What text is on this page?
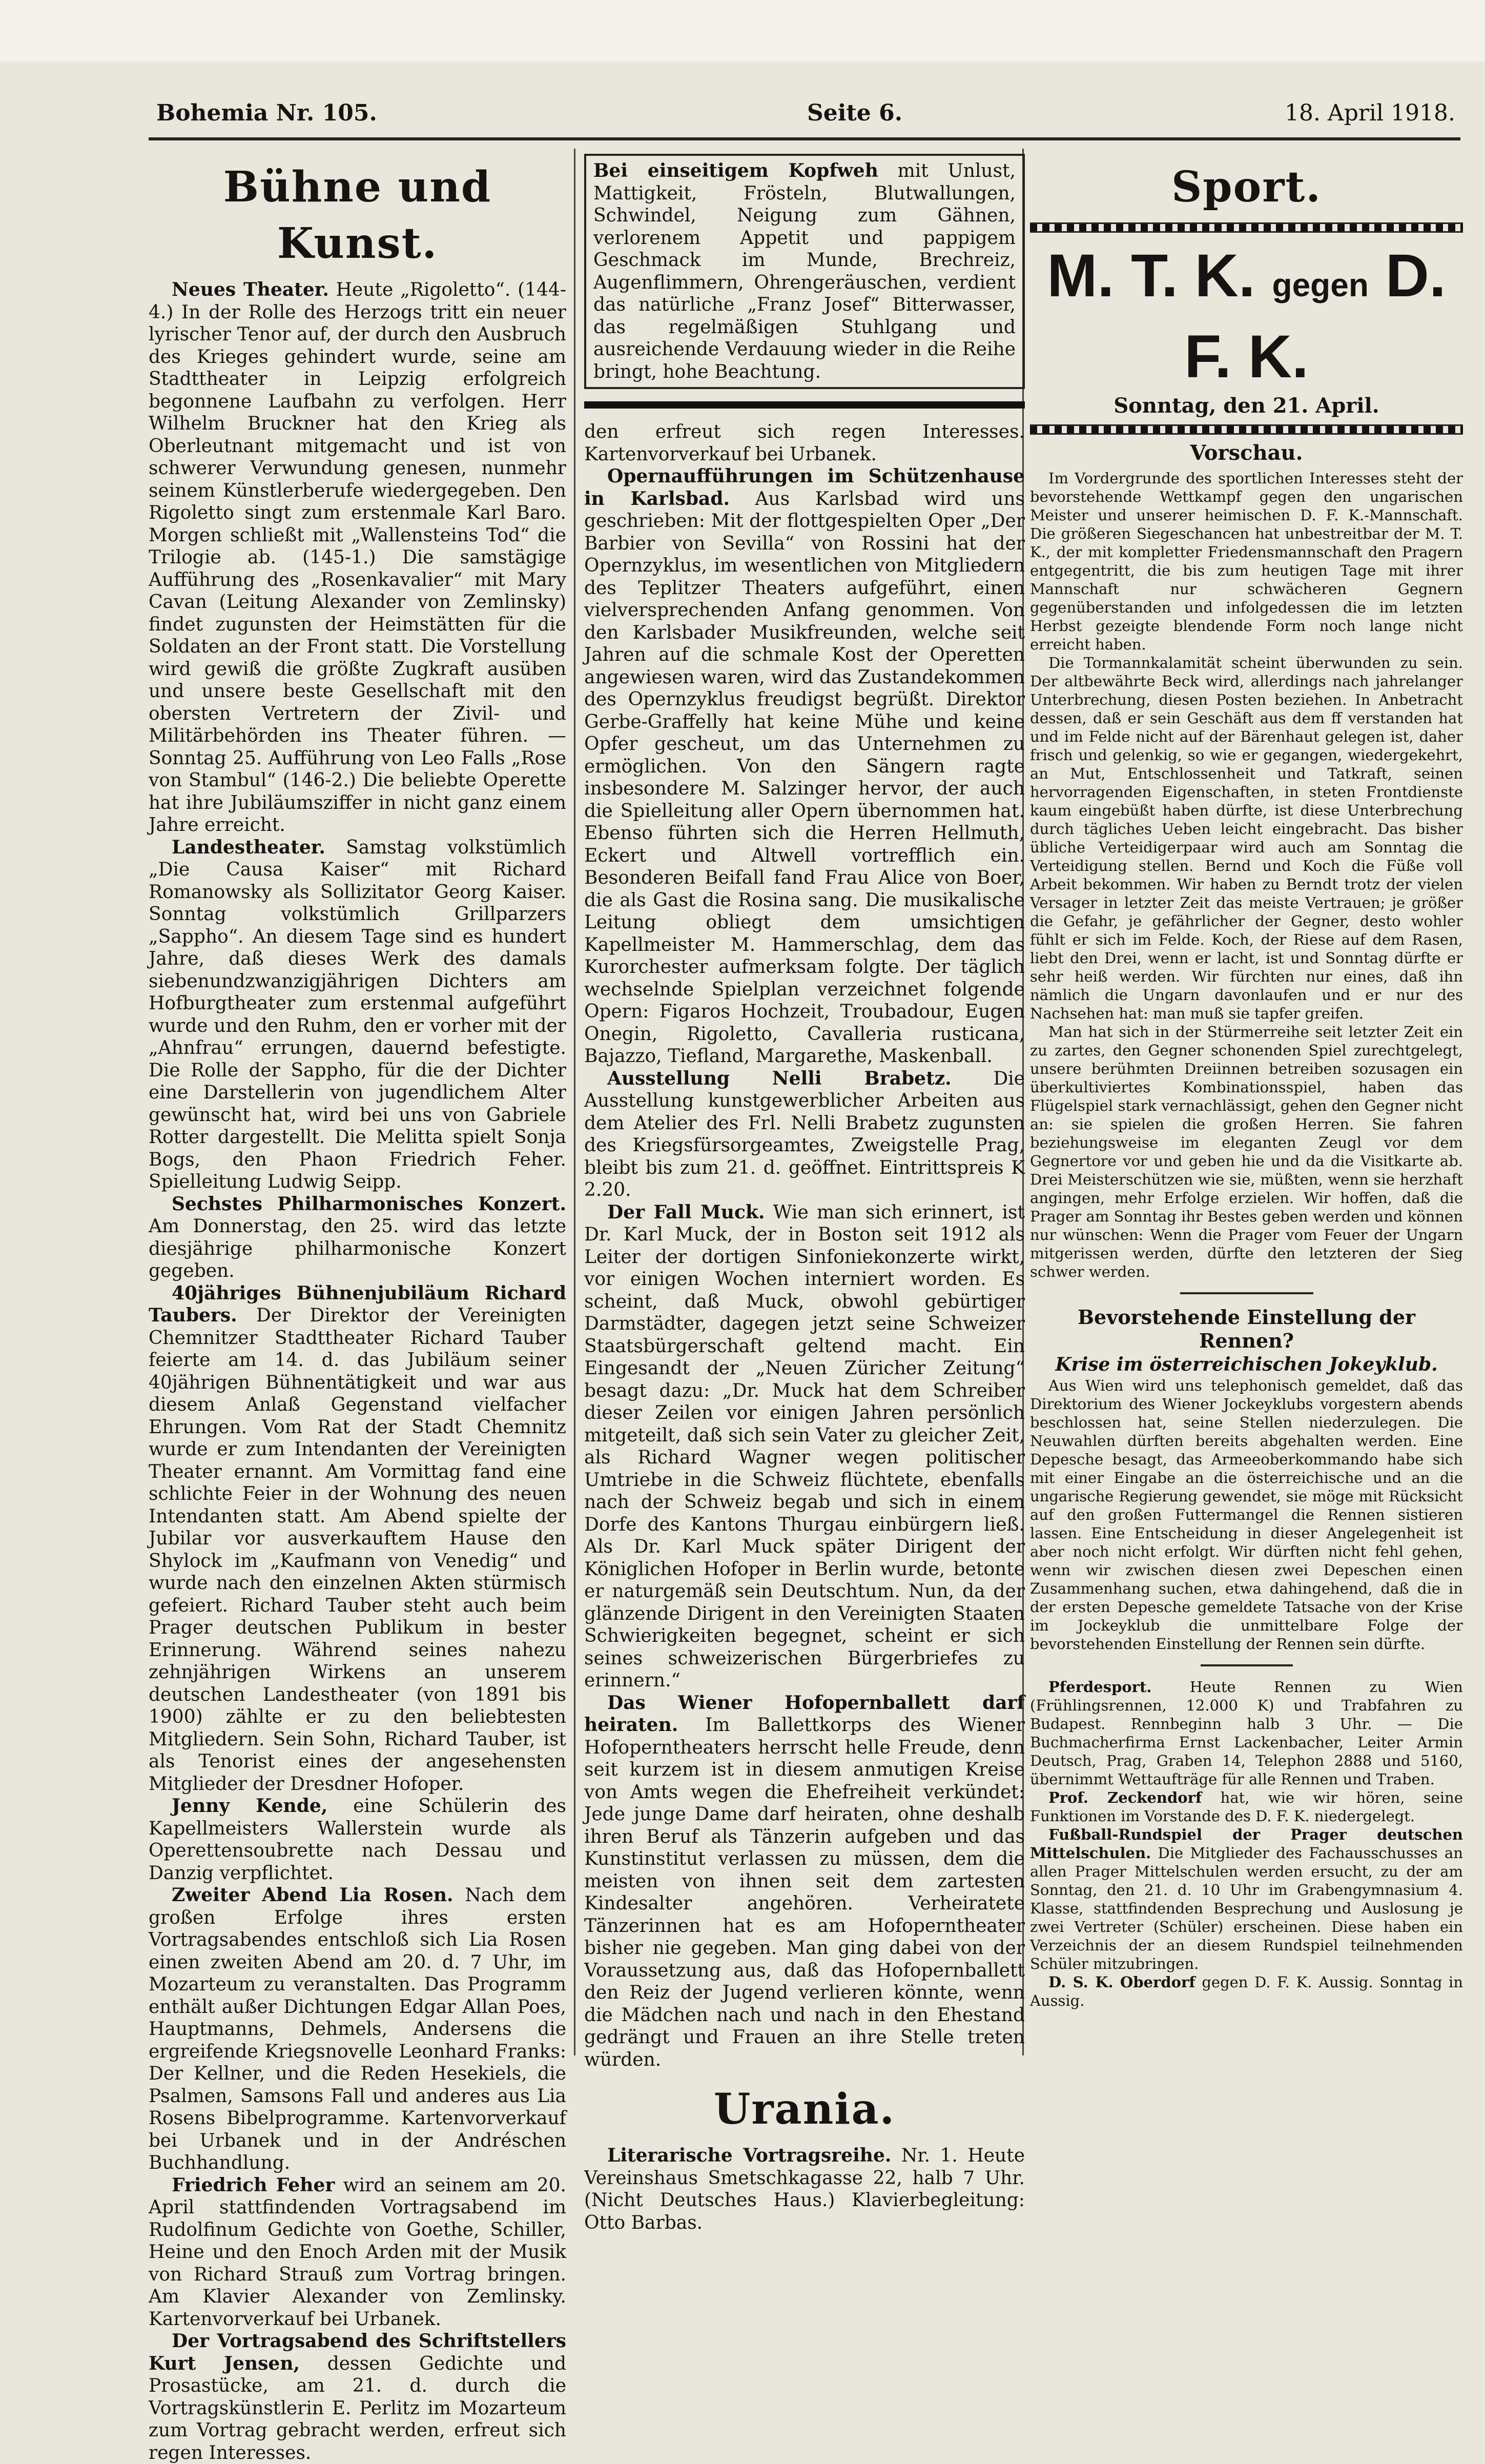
Bohemia Nr. 105.	Seite 6.	18. April 1918.
Bühne und Kunst.

Neues Theater. Heute „Rigoletto“. (144-4.) In der Rolle des Herzogs tritt ein neuer lyrischer Tenor auf, der durch den Ausbruch des Krieges gehindert wurde, seine am Stadttheater in Leipzig erfolgreich begonnene Laufbahn zu verfolgen. Herr Wilhelm Bruckner hat den Krieg als Oberleutnant mitgemacht und ist von schwerer Verwundung genesen, nunmehr seinem Künstlerberufe wiedergegeben. Den Rigoletto singt zum erstenmale Karl Baro. Morgen schließt mit „Wallensteins Tod“ die Trilogie ab. (145-1.) Die samstägige Aufführung des „Rosenkavalier“ mit Mary Cavan (Leitung Alexander von Zemlinsky) findet zugunsten der Heimstätten für die Soldaten an der Front statt. Die Vorstellung wird gewiß die größte Zugkraft ausüben und unsere beste Gesellschaft mit den obersten Vertretern der Zivil- und Militärbehörden ins Theater führen. — Sonntag 25. Aufführung von Leo Falls „Rose von Stambul“ (146-2.) Die beliebte Operette hat ihre Jubiläumsziffer in nicht ganz einem Jahre erreicht.

Landestheater. Samstag volkstümlich „Die Causa Kaiser“ mit Richard Romanowsky als Sollizitator Georg Kaiser. Sonntag volkstümlich Grillparzers „Sappho“. An diesem Tage sind es hundert Jahre, daß dieses Werk des damals siebenundzwanzigjährigen Dichters am Hofburgtheater zum erstenmal aufgeführt wurde und den Ruhm, den er vorher mit der „Ahnfrau“ errungen, dauernd befestigte. Die Rolle der Sappho, für die der Dichter eine Darstellerin von jugendlichem Alter gewünscht hat, wird bei uns von Gabriele Rotter dargestellt. Die Melitta spielt Sonja Bogs, den Phaon Friedrich Feher. Spielleitung Ludwig Seipp.

Sechstes Philharmonisches Konzert. Am Donnerstag, den 25. wird das letzte diesjährige philharmonische Konzert gegeben.

40jähriges Bühnenjubiläum Richard Taubers. Der Direktor der Vereinigten Chemnitzer Stadttheater Richard Tauber feierte am 14. d. das Jubiläum seiner 40jährigen Bühnentätigkeit und war aus diesem Anlaß Gegenstand vielfacher Ehrungen. Vom Rat der Stadt Chemnitz wurde er zum Intendanten der Vereinigten Theater ernannt. Am Vormittag fand eine schlichte Feier in der Wohnung des neuen Intendanten statt. Am Abend spielte der Jubilar vor ausverkauftem Hause den Shylock im „Kaufmann von Venedig“ und wurde nach den einzelnen Akten stürmisch gefeiert. Richard Tauber steht auch beim Prager deutschen Publikum in bester Erinnerung. Während seines nahezu zehnjährigen Wirkens an unserem deutschen Landestheater (von 1891 bis 1900) zählte er zu den beliebtesten Mitgliedern. Sein Sohn, Richard Tauber, ist als Tenorist eines der angesehensten Mitglieder der Dresdner Hofoper.

Jenny Kende, eine Schülerin des Kapellmeisters Wallerstein wurde als Operettensoubrette nach Dessau und Danzig verpflichtet.

Zweiter Abend Lia Rosen. Nach dem großen Erfolge ihres ersten Vortragsabendes entschloß sich Lia Rosen einen zweiten Abend am 20. d. 7 Uhr, im Mozarteum zu veranstalten. Das Programm enthält außer Dichtungen Edgar Allan Poes, Hauptmanns, Dehmels, Andersens die ergreifende Kriegsnovelle Leonhard Franks: Der Kellner, und die Reden Hesekiels, die Psalmen, Samsons Fall und anderes aus Lia Rosens Bibelprogramme. Kartenvorverkauf bei Urbanek und in der Andréschen Buchhandlung.

Friedrich Feher wird an seinem am 20. April stattfindenden Vortragsabend im Rudolfinum Gedichte von Goethe, Schiller, Heine und den Enoch Arden mit der Musik von Richard Strauß zum Vortrag bringen. Am Klavier Alexander von Zemlinsky. Kartenvorverkauf bei Urbanek.

Der Vortragsabend des Schriftstellers Kurt Jensen, dessen Gedichte und Prosastücke, am 21. d. durch die Vortragskünstlerin E. Perlitz im Mozarteum zum Vortrag gebracht werden, erfreut sich regen Interesses.

Bei einseitigem Kopfweh mit Unlust, Mattigkeit, Frösteln, Blutwallungen, Schwindel, Neigung zum Gähnen, verlorenem Appetit und pappigem Geschmack im Munde, Brechreiz, Augenflimmern, Ohrengeräuschen, verdient das natürliche „Franz Josef“ Bitterwasser, das regelmäßigen Stuhlgang und ausreichende Verdauung wieder in die Reihe bringt, hohe Beachtung.

den erfreut sich regen Interesses. Kartenvorverkauf bei Urbanek.

Opernaufführungen im Schützenhause in Karlsbad. Aus Karlsbad wird uns geschrieben: Mit der flottgespielten Oper „Der Barbier von Sevilla“ von Rossini hat der Opernzyklus, im wesentlichen von Mitgliedern des Teplitzer Theaters aufgeführt, einen vielversprechenden Anfang genommen. Von den Karlsbader Musikfreunden, welche seit Jahren auf die schmale Kost der Operetten angewiesen waren, wird das Zustandekommen des Opernzyklus freudigst begrüßt. Direktor Gerbe-Graffelly hat keine Mühe und keine Opfer gescheut, um das Unternehmen zu ermöglichen. Von den Sängern ragte insbesondere M. Salzinger hervor, der auch die Spielleitung aller Opern übernommen hat. Ebenso führten sich die Herren Hellmuth, Eckert und Altwell vortrefflich ein. Besonderen Beifall fand Frau Alice von Boer, die als Gast die Rosina sang. Die musikalische Leitung obliegt dem umsichtigen Kapellmeister M. Hammerschlag, dem das Kurorchester aufmerksam folgte. Der täglich wechselnde Spielplan verzeichnet folgende Opern: Figaros Hochzeit, Troubadour, Eugen Onegin, Rigoletto, Cavalleria rusticana, Bajazzo, Tiefland, Margarethe, Maskenball.

Ausstellung Nelli Brabetz. Die Ausstellung kunstgewerblicher Arbeiten aus dem Atelier des Frl. Nelli Brabetz zugunsten des Kriegsfürsorgeamtes, Zweigstelle Prag, bleibt bis zum 21. d. geöffnet. Eintrittspreis K 2.20.

Der Fall Muck. Wie man sich erinnert, ist Dr. Karl Muck, der in Boston seit 1912 als Leiter der dortigen Sinfoniekonzerte wirkt, vor einigen Wochen interniert worden. Es scheint, daß Muck, obwohl gebürtiger Darmstädter, dagegen jetzt seine Schweizer Staatsbürgerschaft geltend macht. Ein Eingesandt der „Neuen Züricher Zeitung“ besagt dazu: „Dr. Muck hat dem Schreiber dieser Zeilen vor einigen Jahren persönlich mitgeteilt, daß sich sein Vater zu gleicher Zeit, als Richard Wagner wegen politischer Umtriebe in die Schweiz flüchtete, ebenfalls nach der Schweiz begab und sich in einem Dorfe des Kantons Thurgau einbürgern ließ. Als Dr. Karl Muck später Dirigent der Königlichen Hofoper in Berlin wurde, betonte er naturgemäß sein Deutschtum. Nun, da der glänzende Dirigent in den Vereinigten Staaten Schwierigkeiten begegnet, scheint er sich seines schweizerischen Bürgerbriefes zu erinnern.“

Das Wiener Hofopernballett darf heiraten. Im Ballettkorps des Wiener Hofoperntheaters herrscht helle Freude, denn seit kurzem ist in diesem anmutigen Kreise von Amts wegen die Ehefreiheit verkündet: Jede junge Dame darf heiraten, ohne deshalb ihren Beruf als Tänzerin aufgeben und das Kunstinstitut verlassen zu müssen, dem die meisten von ihnen seit dem zartesten Kindesalter angehören. Verheiratete Tänzerinnen hat es am Hofoperntheater bisher nie gegeben. Man ging dabei von der Voraussetzung aus, daß das Hofopernballett den Reiz der Jugend verlieren könnte, wenn die Mädchen nach und nach in den Ehestand gedrängt und Frauen an ihre Stelle treten würden.

Urania.

Literarische Vortragsreihe. Nr. 1. Heute Vereinshaus Smetschkagasse 22, halb 7 Uhr. (Nicht Deutsches Haus.) Klavierbegleitung: Otto Barbas.

Sport.
M. T. K. gegen D. F. K.
Sonntag, den 21. April.
Vorschau.

Im Vordergrunde des sportlichen Interesses steht der bevorstehende Wettkampf gegen den ungarischen Meister und unserer heimischen D. F. K.-Mannschaft. Die größeren Siegeschancen hat unbestreitbar der M. T. K., der mit kompletter Friedensmannschaft den Pragern entgegentritt, die bis zum heutigen Tage mit ihrer Mannschaft nur schwächeren Gegnern gegenüberstanden und infolgedessen die im letzten Herbst gezeigte blendende Form noch lange nicht erreicht haben.

Die Tormannkalamität scheint überwunden zu sein. Der altbewährte Beck wird, allerdings nach jahrelanger Unterbrechung, diesen Posten beziehen. In Anbetracht dessen, daß er sein Geschäft aus dem ff verstanden hat und im Felde nicht auf der Bärenhaut gelegen ist, daher frisch und gelenkig, so wie er gegangen, wiedergekehrt, an Mut, Entschlossenheit und Tatkraft, seinen hervorragenden Eigenschaften, in steten Frontdienste kaum eingebüßt haben dürfte, ist diese Unterbrechung durch tägliches Ueben leicht eingebracht. Das bisher übliche Verteidigerpaar wird auch am Sonntag die Verteidigung stellen. Bernd und Koch die Füße voll Arbeit bekommen. Wir haben zu Berndt trotz der vielen Versager in letzter Zeit das meiste Vertrauen; je größer die Gefahr, je gefährlicher der Gegner, desto wohler fühlt er sich im Felde. Koch, der Riese auf dem Rasen, liebt den Drei, wenn er lacht, ist und Sonntag dürfte er sehr heiß werden. Wir fürchten nur eines, daß ihn nämlich die Ungarn davonlaufen und er nur des Nachsehen hat: man muß sie tapfer greifen.

Man hat sich in der Stürmerreihe seit letzter Zeit ein zu zartes, den Gegner schonenden Spiel zurechtgelegt, unsere berühmten Dreiinnen betreiben sozusagen ein überkultiviertes Kombinationsspiel, haben das Flügelspiel stark vernachlässigt, gehen den Gegner nicht an: sie spielen die großen Herren. Sie fahren beziehungsweise im eleganten Zeugl vor dem Gegnertore vor und geben hie und da die Visitkarte ab. Drei Meisterschützen wie sie, müßten, wenn sie herzhaft angingen, mehr Erfolge erzielen. Wir hoffen, daß die Prager am Sonntag ihr Bestes geben werden und können nur wünschen: Wenn die Prager vom Feuer der Ungarn mitgerissen werden, dürfte den letzteren der Sieg schwer werden.

Bevorstehende Einstellung der Rennen?
Krise im österreichischen Jokeyklub.

Aus Wien wird uns telephonisch gemeldet, daß das Direktorium des Wiener Jockeyklubs vorgestern abends beschlossen hat, seine Stellen niederzulegen. Die Neuwahlen dürften bereits abgehalten werden. Eine Depesche besagt, das Armeeoberkommando habe sich mit einer Eingabe an die österreichische und an die ungarische Regierung gewendet, sie möge mit Rücksicht auf den großen Futtermangel die Rennen sistieren lassen. Eine Entscheidung in dieser Angelegenheit ist aber noch nicht erfolgt. Wir dürften nicht fehl gehen, wenn wir zwischen diesen zwei Depeschen einen Zusammenhang suchen, etwa dahingehend, daß die in der ersten Depesche gemeldete Tatsache von der Krise im Jockeyklub die unmittelbare Folge der bevorstehenden Einstellung der Rennen sein dürfte.

Pferdesport. Heute Rennen zu Wien (Frühlingsrennen, 12.000 K) und Trabfahren zu Budapest. Rennbeginn halb 3 Uhr. — Die Buchmacherfirma Ernst Lackenbacher, Leiter Armin Deutsch, Prag, Graben 14, Telephon 2888 und 5160, übernimmt Wettaufträge für alle Rennen und Traben.

Prof. Zeckendorf hat, wie wir hören, seine Funktionen im Vorstande des D. F. K. niedergelegt.

Fußball-Rundspiel der Prager deutschen Mittelschulen. Die Mitglieder des Fachausschusses an allen Prager Mittelschulen werden ersucht, zu der am Sonntag, den 21. d. 10 Uhr im Grabengymnasium 4. Klasse, stattfindenden Besprechung und Auslosung je zwei Vertreter (Schüler) erscheinen. Diese haben ein Verzeichnis der an diesem Rundspiel teilnehmenden Schüler mitzubringen.

D. S. K. Oberdorf gegen D. F. K. Aussig. Sonntag in Aussig.
